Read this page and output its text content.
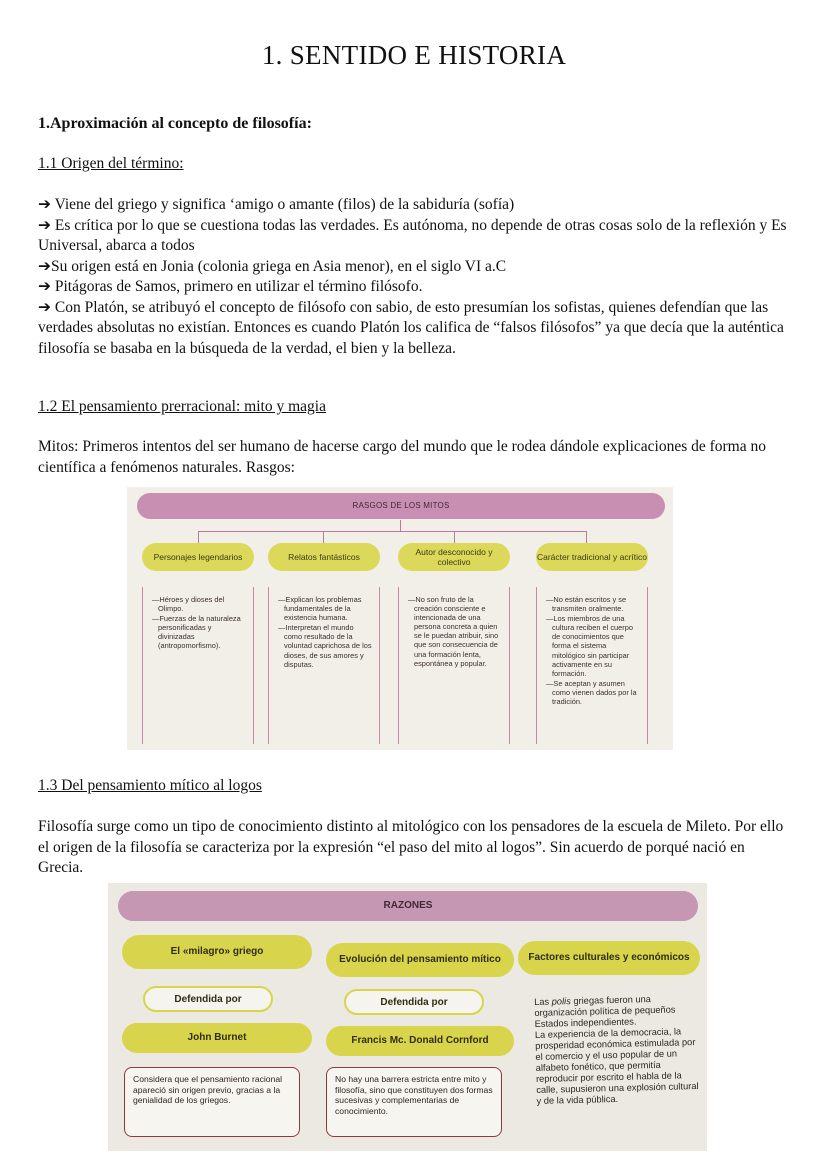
1. SENTIDO E HISTORIA
1.Aproximación al concepto de filosofía:
1.1 Origen del término:

➔ Viene del griego y significa ‘amigo o amante (filos) de la sabiduría (sofía)

➔ Es crítica por lo que se cuestiona todas las verdades. Es autónoma, no depende de otras cosas solo de la reflexión y Es Universal, abarca a todos

➔Su origen está en Jonia (colonia griega en Asia menor), en el siglo VI a.C

➔ Pitágoras de Samos, primero en utilizar el término filósofo.

➔ Con Platón, se atribuyó el concepto de filósofo con sabio, de esto presumían los sofistas, quienes defendían que las verdades absolutas no existían. Entonces es cuando Platón los califica de “falsos filósofos” ya que decía que la auténtica filosofía se basaba en la búsqueda de la verdad, el bien y la belleza.

1.2 El pensamiento prerracional: mito y magia
Mitos: Primeros intentos del ser humano de hacerse cargo del mundo que le rodea dándole explicaciones de forma no científica a fenómenos naturales. Rasgos:
RASGOS DE LOS MITOS
Personajes legendarios	Relatos fantásticos	Autor desconocido y colectivo	Carácter tradicional y acrítico
—Héroes y dioses del Olimpo.
—Fuerzas de la naturaleza personificadas y divinizadas (antropomorfismo).
—Explican los problemas fundamentales de la existencia humana.
—Interpretan el mundo como resultado de la voluntad caprichosa de los dioses, de sus amores y disputas.
—No son fruto de la creación consciente e intencionada de una persona concreta a quien se le puedan atribuir, sino que son consecuencia de una formación lenta, espontánea y popular.
—No están escritos y se transmiten oralmente.
—Los miembros de una cultura reciben el cuerpo de conocimientos que forma el sistema mitológico sin participar activamente en su formación.
—Se aceptan y asumen como vienen dados por la tradición.
1.3 Del pensamiento mítico al logos
Filosofía surge como un tipo de conocimiento distinto al mitológico con los pensadores de la escuela de Mileto. Por ello el origen de la filosofía se caracteriza por la expresión “el paso del mito al logos”. Sin acuerdo de porqué nació en Grecia.
RAZONES
El «milagro» griego
Evolución del pensamiento mítico	Factores culturales y económicos
Defendida por	Defendida por
John Burnet	Francis Mc. Donald Cornford
Considera que el pensamiento racional apareció sin origen previo, gracias a la genialidad de los griegos.
No hay una barrera estricta entre mito y filosofía, sino que constituyen dos formas sucesivas y complementarias de conocimiento.

Las polis griegas fueron una organización política de pequeños Estados independientes.

La experiencia de la democracia, la prosperidad económica estimulada por el comercio y el uso popular de un alfabeto fonético, que permitía reproducir por escrito el habla de la calle, supusieron una explosión cultural y de la vida pública.
